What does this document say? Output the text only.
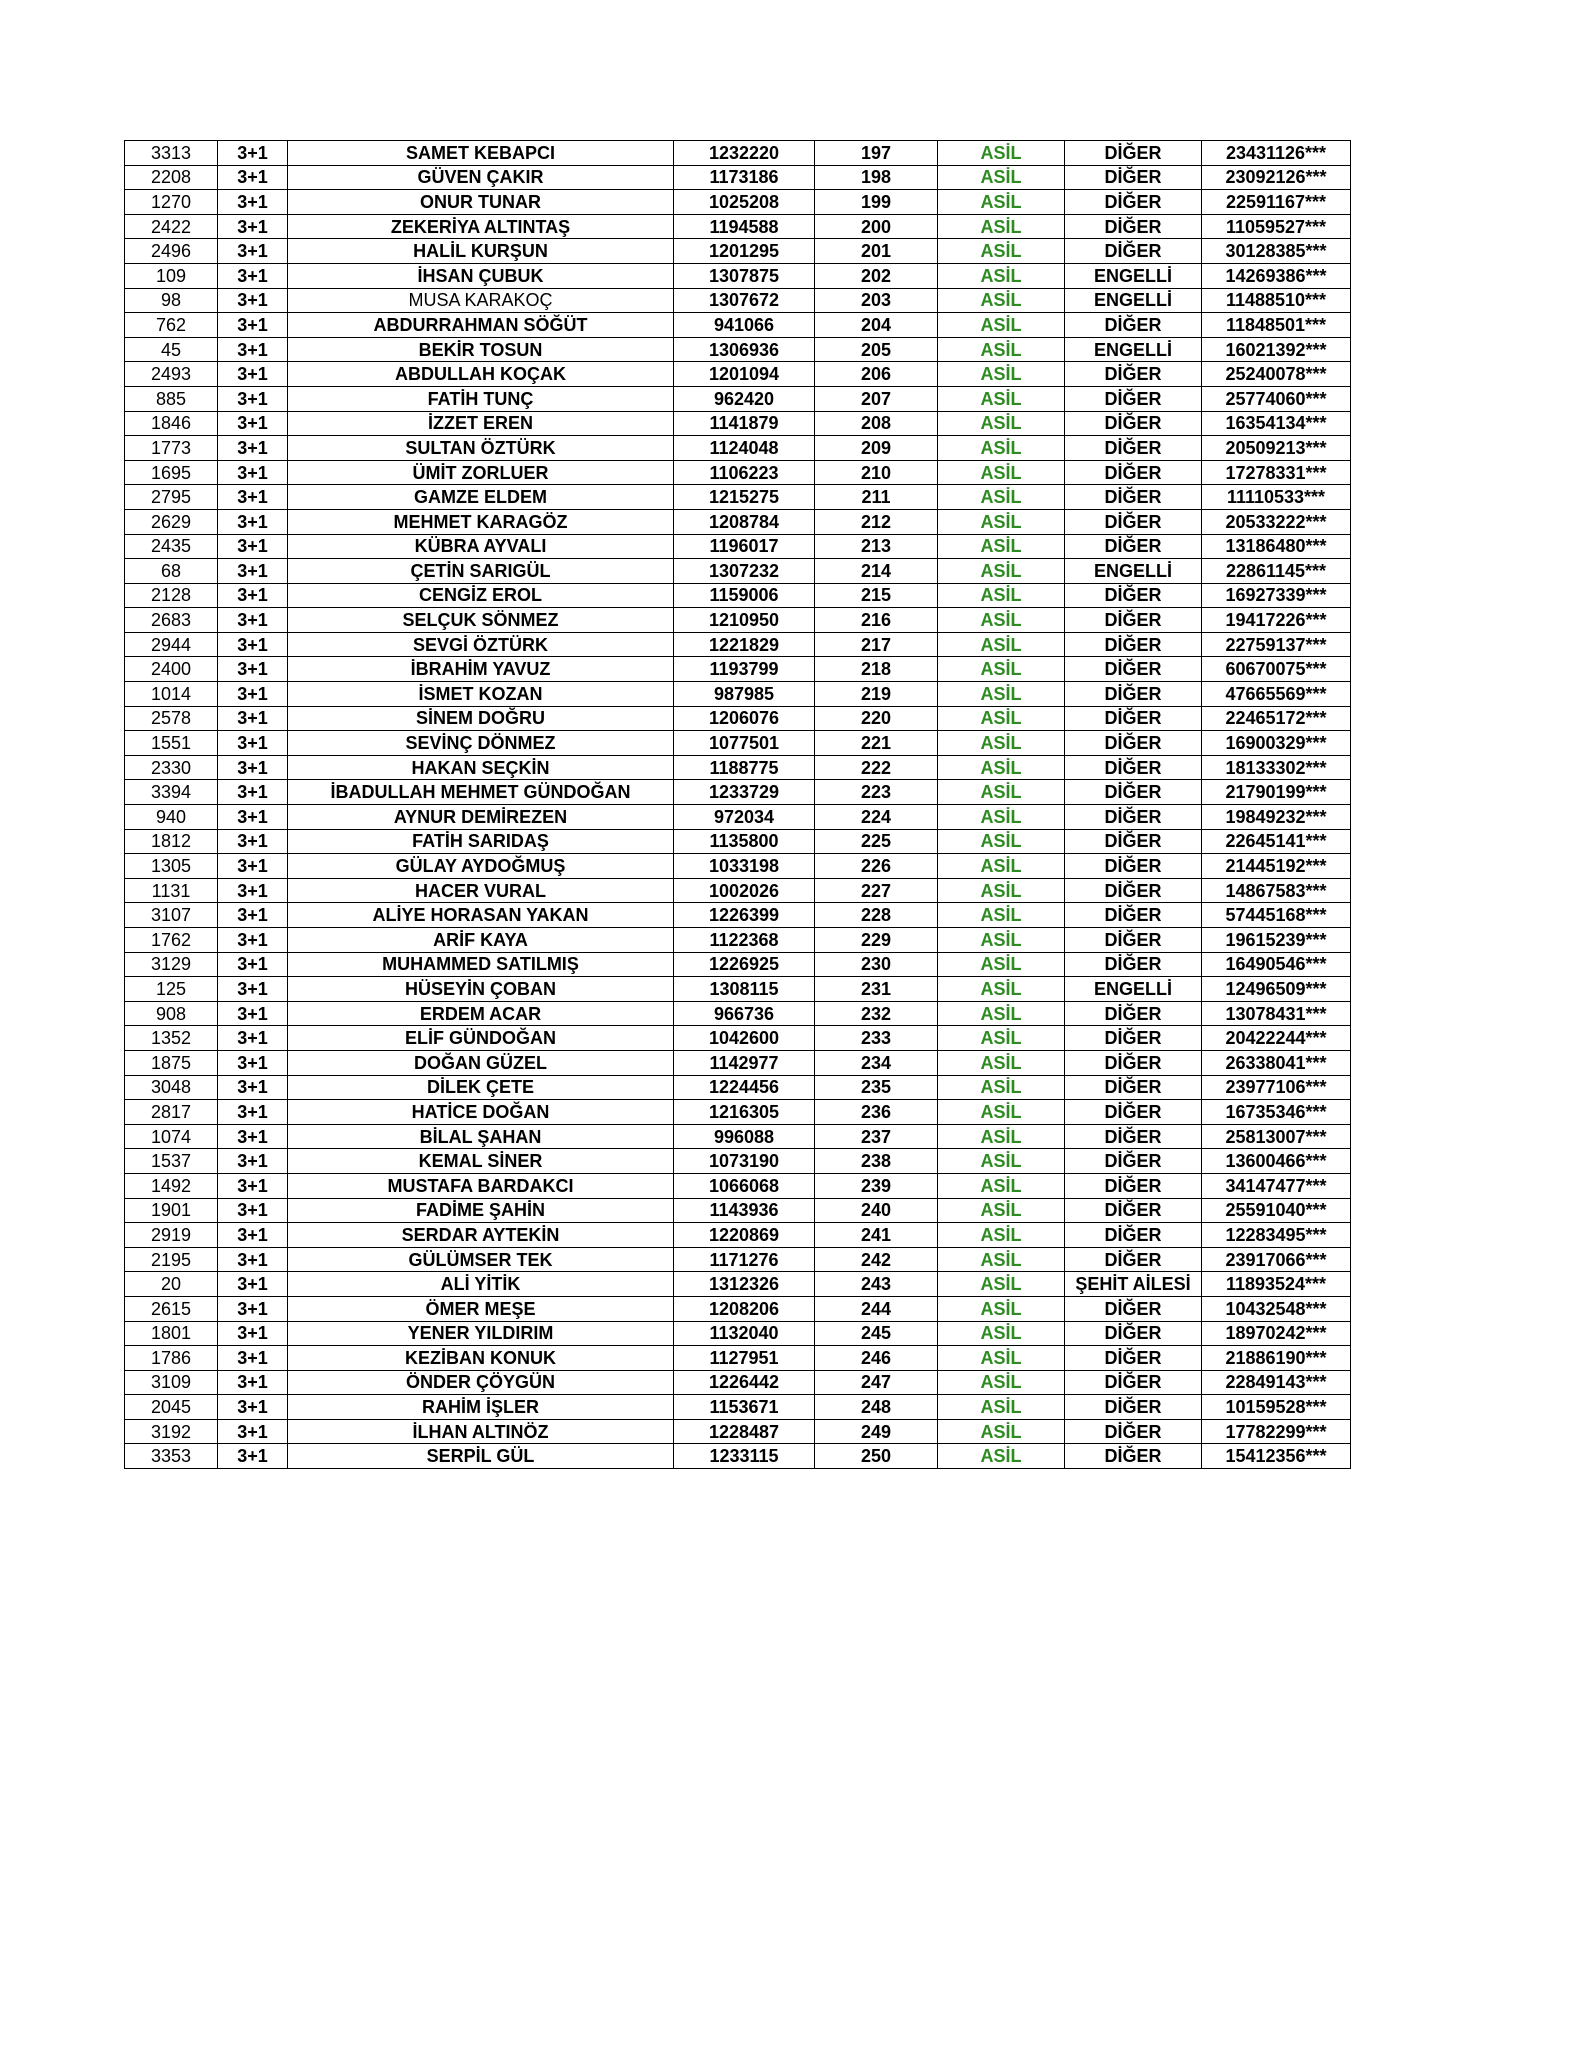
3313	3+1	SAMET KEBAPCI	1232220	197	ASİL	DİĞER	23431126***
2208	3+1	GÜVEN ÇAKIR	1173186	198	ASİL	DİĞER	23092126***
1270	3+1	ONUR TUNAR	1025208	199	ASİL	DİĞER	22591167***
2422	3+1	ZEKERİYA ALTINTAŞ	1194588	200	ASİL	DİĞER	11059527***
2496	3+1	HALİL KURŞUN	1201295	201	ASİL	DİĞER	30128385***
109	3+1	İHSAN ÇUBUK	1307875	202	ASİL	ENGELLİ	14269386***
98	3+1	MUSA KARAKOÇ	1307672	203	ASİL	ENGELLİ	11488510***
762	3+1	ABDURRAHMAN SÖĞÜT	941066	204	ASİL	DİĞER	11848501***
45	3+1	BEKİR TOSUN	1306936	205	ASİL	ENGELLİ	16021392***
2493	3+1	ABDULLAH KOÇAK	1201094	206	ASİL	DİĞER	25240078***
885	3+1	FATİH TUNÇ	962420	207	ASİL	DİĞER	25774060***
1846	3+1	İZZET EREN	1141879	208	ASİL	DİĞER	16354134***
1773	3+1	SULTAN ÖZTÜRK	1124048	209	ASİL	DİĞER	20509213***
1695	3+1	ÜMİT ZORLUER	1106223	210	ASİL	DİĞER	17278331***
2795	3+1	GAMZE ELDEM	1215275	211	ASİL	DİĞER	11110533***
2629	3+1	MEHMET KARAGÖZ	1208784	212	ASİL	DİĞER	20533222***
2435	3+1	KÜBRA AYVALI	1196017	213	ASİL	DİĞER	13186480***
68	3+1	ÇETİN SARIGÜL	1307232	214	ASİL	ENGELLİ	22861145***
2128	3+1	CENGİZ EROL	1159006	215	ASİL	DİĞER	16927339***
2683	3+1	SELÇUK SÖNMEZ	1210950	216	ASİL	DİĞER	19417226***
2944	3+1	SEVGİ ÖZTÜRK	1221829	217	ASİL	DİĞER	22759137***
2400	3+1	İBRAHİM YAVUZ	1193799	218	ASİL	DİĞER	60670075***
1014	3+1	İSMET KOZAN	987985	219	ASİL	DİĞER	47665569***
2578	3+1	SİNEM DOĞRU	1206076	220	ASİL	DİĞER	22465172***
1551	3+1	SEVİNÇ DÖNMEZ	1077501	221	ASİL	DİĞER	16900329***
2330	3+1	HAKAN SEÇKİN	1188775	222	ASİL	DİĞER	18133302***
3394	3+1	İBADULLAH MEHMET GÜNDOĞAN	1233729	223	ASİL	DİĞER	21790199***
940	3+1	AYNUR DEMİREZEN	972034	224	ASİL	DİĞER	19849232***
1812	3+1	FATİH SARIDAŞ	1135800	225	ASİL	DİĞER	22645141***
1305	3+1	GÜLAY AYDOĞMUŞ	1033198	226	ASİL	DİĞER	21445192***
1131	3+1	HACER VURAL	1002026	227	ASİL	DİĞER	14867583***
3107	3+1	ALİYE HORASAN YAKAN	1226399	228	ASİL	DİĞER	57445168***
1762	3+1	ARİF KAYA	1122368	229	ASİL	DİĞER	19615239***
3129	3+1	MUHAMMED SATILMIŞ	1226925	230	ASİL	DİĞER	16490546***
125	3+1	HÜSEYİN ÇOBAN	1308115	231	ASİL	ENGELLİ	12496509***
908	3+1	ERDEM ACAR	966736	232	ASİL	DİĞER	13078431***
1352	3+1	ELİF GÜNDOĞAN	1042600	233	ASİL	DİĞER	20422244***
1875	3+1	DOĞAN GÜZEL	1142977	234	ASİL	DİĞER	26338041***
3048	3+1	DİLEK ÇETE	1224456	235	ASİL	DİĞER	23977106***
2817	3+1	HATİCE DOĞAN	1216305	236	ASİL	DİĞER	16735346***
1074	3+1	BİLAL ŞAHAN	996088	237	ASİL	DİĞER	25813007***
1537	3+1	KEMAL SİNER	1073190	238	ASİL	DİĞER	13600466***
1492	3+1	MUSTAFA BARDAKCI	1066068	239	ASİL	DİĞER	34147477***
1901	3+1	FADİME ŞAHİN	1143936	240	ASİL	DİĞER	25591040***
2919	3+1	SERDAR AYTEKİN	1220869	241	ASİL	DİĞER	12283495***
2195	3+1	GÜLÜMSER TEK	1171276	242	ASİL	DİĞER	23917066***
20	3+1	ALİ YİTİK	1312326	243	ASİL	ŞEHİT AİLESİ	11893524***
2615	3+1	ÖMER MEŞE	1208206	244	ASİL	DİĞER	10432548***
1801	3+1	YENER YILDIRIM	1132040	245	ASİL	DİĞER	18970242***
1786	3+1	KEZİBAN KONUK	1127951	246	ASİL	DİĞER	21886190***
3109	3+1	ÖNDER ÇÖYGÜN	1226442	247	ASİL	DİĞER	22849143***
2045	3+1	RAHİM İŞLER	1153671	248	ASİL	DİĞER	10159528***
3192	3+1	İLHAN ALTINÖZ	1228487	249	ASİL	DİĞER	17782299***
3353	3+1	SERPİL GÜL	1233115	250	ASİL	DİĞER	15412356***
